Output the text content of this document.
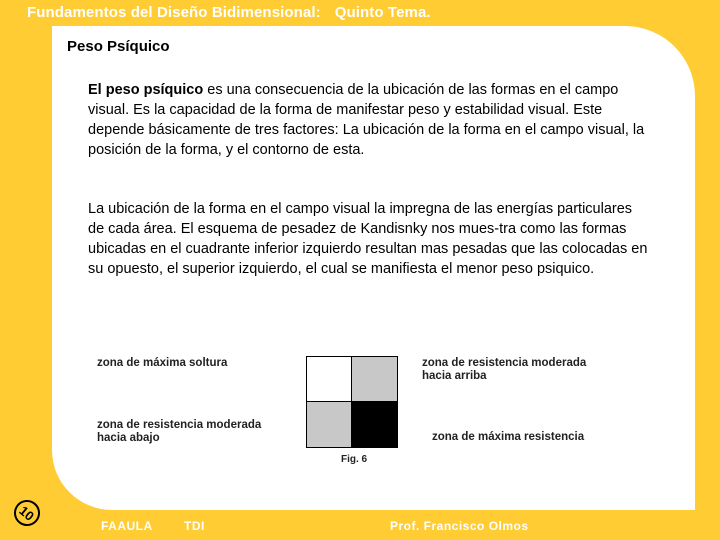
Fundamentos del Diseño Bidimensional: Quinto Tema.
Peso Psíquico
El peso psíquico es una consecuencia de la ubicación de las formas en el campo visual. Es la capacidad de la forma de manifestar peso y estabilidad visual. Este depende básicamente de tres factores: La ubicación de la forma en el campo visual, la posición de la forma, y el contorno de esta.
La ubicación de la forma en el campo visual la impregna de las energías particulares de cada área. El esquema de pesadez de Kandisnky nos mues-tra como las formas ubicadas en el cuadrante inferior izquierdo resultan mas pesadas que las colocadas en su opuesto, el superior izquierdo, el cual se manifiesta el menor peso psiquico.
zona de máxima soltura	zona de resistencia moderada
hacia arriba
zona de resistencia moderada
hacia abajo	zona de máxima resistencia
Fig. 6
10
FAAULA	TDI	Prof. Francisco Olmos
